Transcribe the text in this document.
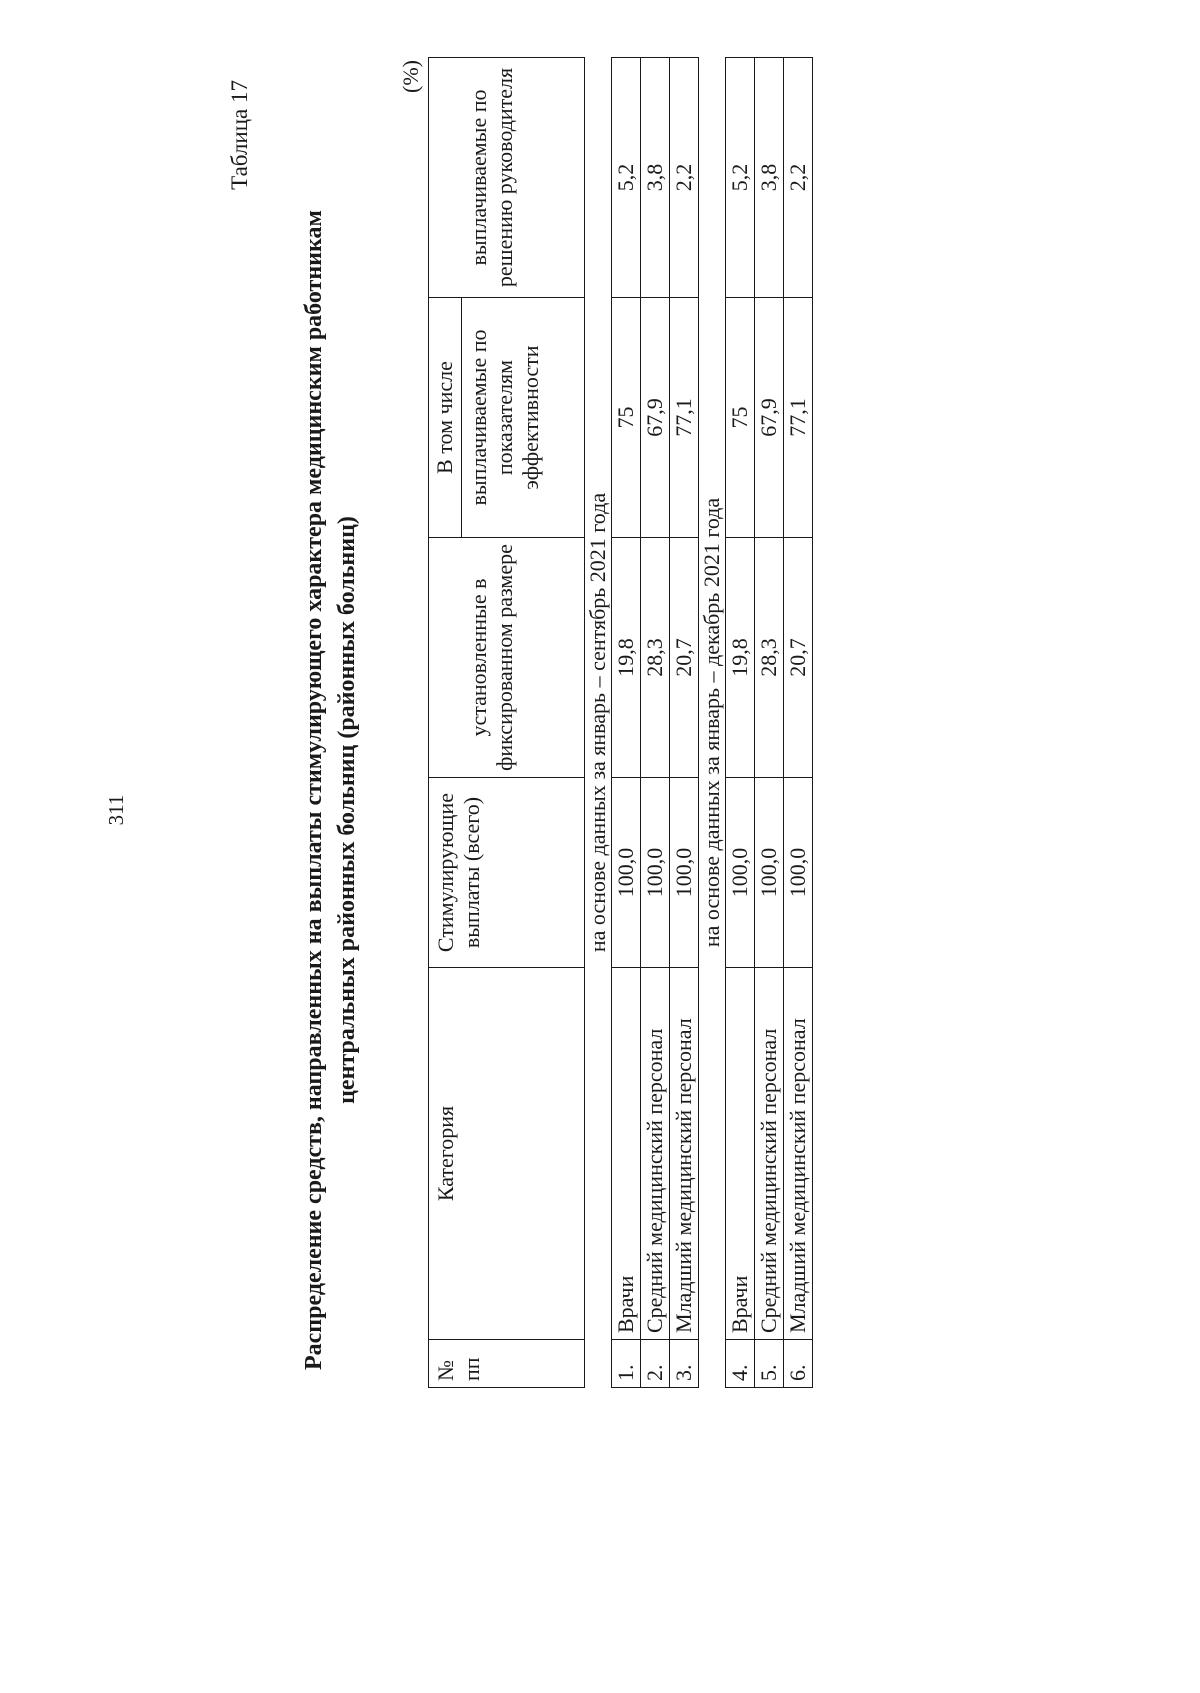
311
Таблица 17
Распределение средств, направленных на выплаты стимулирующего характера медицинским работникам центральных районных больниц (районных больниц)
(%)
№ пп	Категория	Стимулирующие выплаты (всего)		В том числе	
			установленные в фиксированном размере	выплачиваемые по показателям эффективности	выплачиваемые по решению руководителя
на основе данных за январь – сентябрь 2021 года					
1.	Врачи	100,0	19,8	75	5,2
2.	Средний медицинский персонал	100,0	28,3	67,9	3,8
3.	Младший медицинский персонал	100,0	20,7	77,1	2,2
на основе данных за январь – декабрь 2021 года					
4.	Врачи	100,0	19,8	75	5,2
5.	Средний медицинский персонал	100,0	28,3	67,9	3,8
6.	Младший медицинский персонал	100,0	20,7	77,1	2,2
